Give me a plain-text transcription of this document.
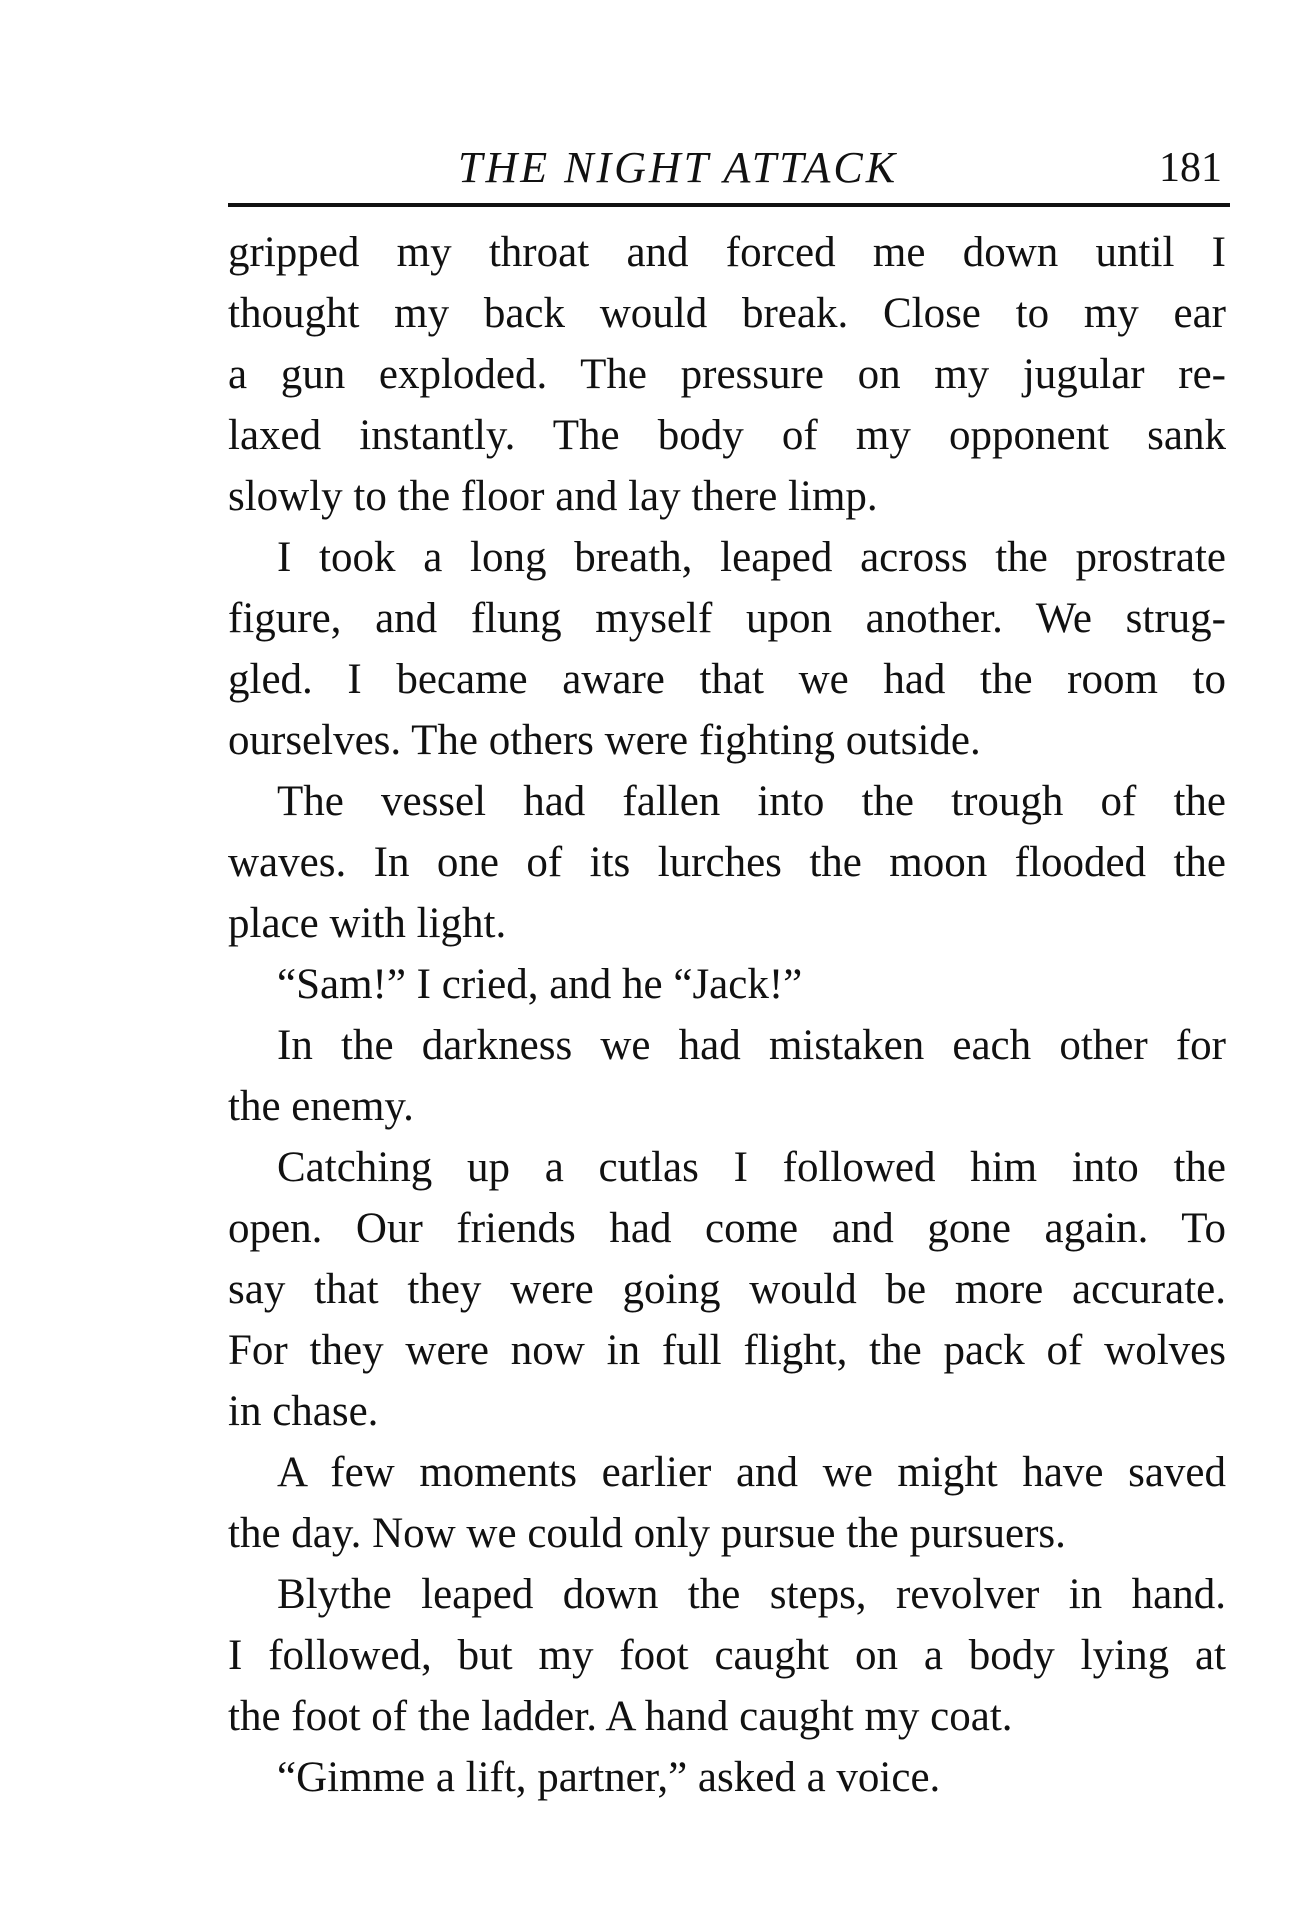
THE NIGHT ATTACK	181
gripped my throat and forced me down until I
thought my back would break. Close to my ear
a gun exploded. The pressure on my jugular re-
laxed instantly. The body of my opponent sank
slowly to the floor and lay there limp.
I took a long breath, leaped across the prostrate
figure, and flung myself upon another. We strug-
gled. I became aware that we had the room to
ourselves. The others were fighting outside.
The vessel had fallen into the trough of the
waves. In one of its lurches the moon flooded the
place with light.
“Sam!” I cried, and he “Jack!”
In the darkness we had mistaken each other for
the enemy.
Catching up a cutlas I followed him into the
open. Our friends had come and gone again. To
say that they were going would be more accurate.
For they were now in full flight, the pack of wolves
in chase.
A few moments earlier and we might have saved
the day. Now we could only pursue the pursuers.
Blythe leaped down the steps, revolver in hand.
I followed, but my foot caught on a body lying at
the foot of the ladder. A hand caught my coat.
“Gimme a lift, partner,” asked a voice.
